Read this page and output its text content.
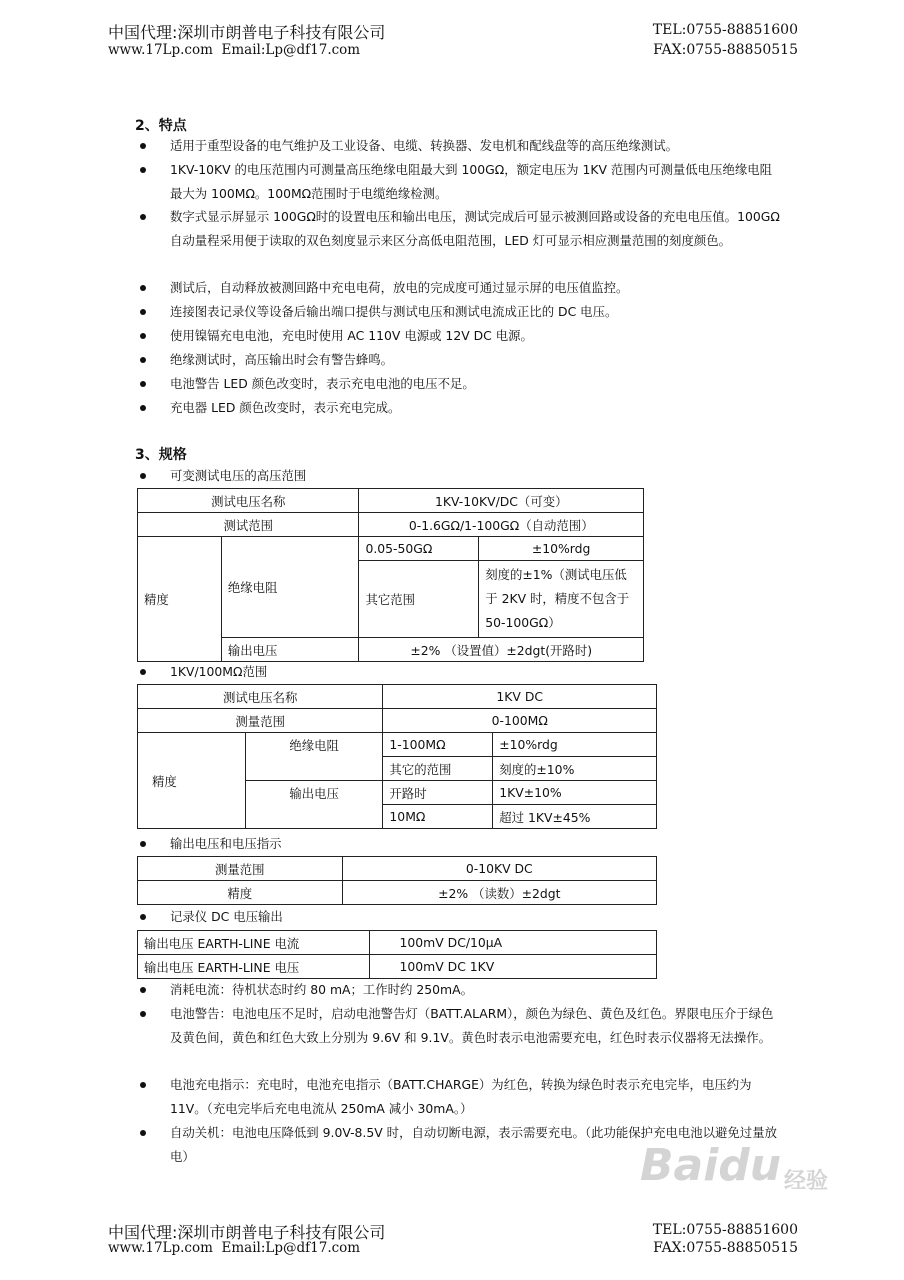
中国代理:深圳市朗普电子科技有限公司	TEL:0755-88851600
www.17Lp.com  Email:Lp@df17.com	FAX:0755-88850515
2、特点
适用于重型设备的电气维护及工业设备、电缆、转换器、发电机和配线盘等的高压绝缘测试。
1KV-10KV 的电压范围内可测量高压绝缘电阻最大到 100GΩ，额定电压为 1KV 范围内可测量低电压绝缘电阻最大为 100MΩ。100MΩ范围时于电缆绝缘检测。
数字式显示屏显示 100GΩ时的设置电压和输出电压，测试完成后可显示被测回路或设备的充电电压值。100GΩ自动量程采用便于读取的双色刻度显示来区分高低电阻范围，LED 灯可显示相应测量范围的刻度颜色。
测试后，自动释放被测回路中充电电荷，放电的完成度可通过显示屏的电压值监控。
连接图表记录仪等设备后输出端口提供与测试电压和测试电流成正比的 DC 电压。
使用镍镉充电电池，充电时使用 AC 110V 电源或 12V DC 电源。
绝缘测试时，高压输出时会有警告蜂鸣。
电池警告 LED 颜色改变时，表示充电电池的电压不足。
充电器 LED 颜色改变时，表示充电完成。
3、规格
可变测试电压的高压范围
测试电压名称		1KV-10KV/DC（可变）	
测试范围		0-1.6GΩ/1-100GΩ（自动范围）	
精度	绝缘电阻	0.05-50GΩ	±10%rdg
		其它范围	刻度的±1%（测试电压低于 2KV 时，精度不包含于 50-100GΩ）
	输出电压	±2% （设置值）±2dgt(开路时)	
1KV/100MΩ范围
测试电压名称		1KV DC	
测量范围		0-100MΩ	
精度	绝缘电阻	1-100MΩ	±10%rdg
		其它的范围	刻度的±10%
	输出电压	开路时	1KV±10%
		10MΩ	超过 1KV±45%
输出电压和电压指示
测量范围	0-10KV DC
精度	±2% （读数）±2dgt
记录仪 DC 电压输出
输出电压 EARTH-LINE 电流	100mV DC/10μA
输出电压 EARTH-LINE 电压	100mV DC 1KV
消耗电流：待机状态时约 80 mA；工作时约 250mA。
电池警告：电池电压不足时，启动电池警告灯（BATT.ALARM），颜色为绿色、黄色及红色。界限电压介于绿色及黄色间，黄色和红色大致上分别为 9.6V 和 9.1V。黄色时表示电池需要充电，红色时表示仪器将无法操作。
电池充电指示：充电时，电池充电指示（BATT.CHARGE）为红色，转换为绿色时表示充电完毕，电压约为 11V。（充电完毕后充电电流从 250mA 减小 30mA。）
自动关机：电池电压降低到 9.0V-8.5V 时，自动切断电源，表示需要充电。（此功能保护充电电池以避免过量放电）	Baidu 经验
中国代理:深圳市朗普电子科技有限公司	TEL:0755-88851600
www.17Lp.com  Email:Lp@df17.com	FAX:0755-88850515
